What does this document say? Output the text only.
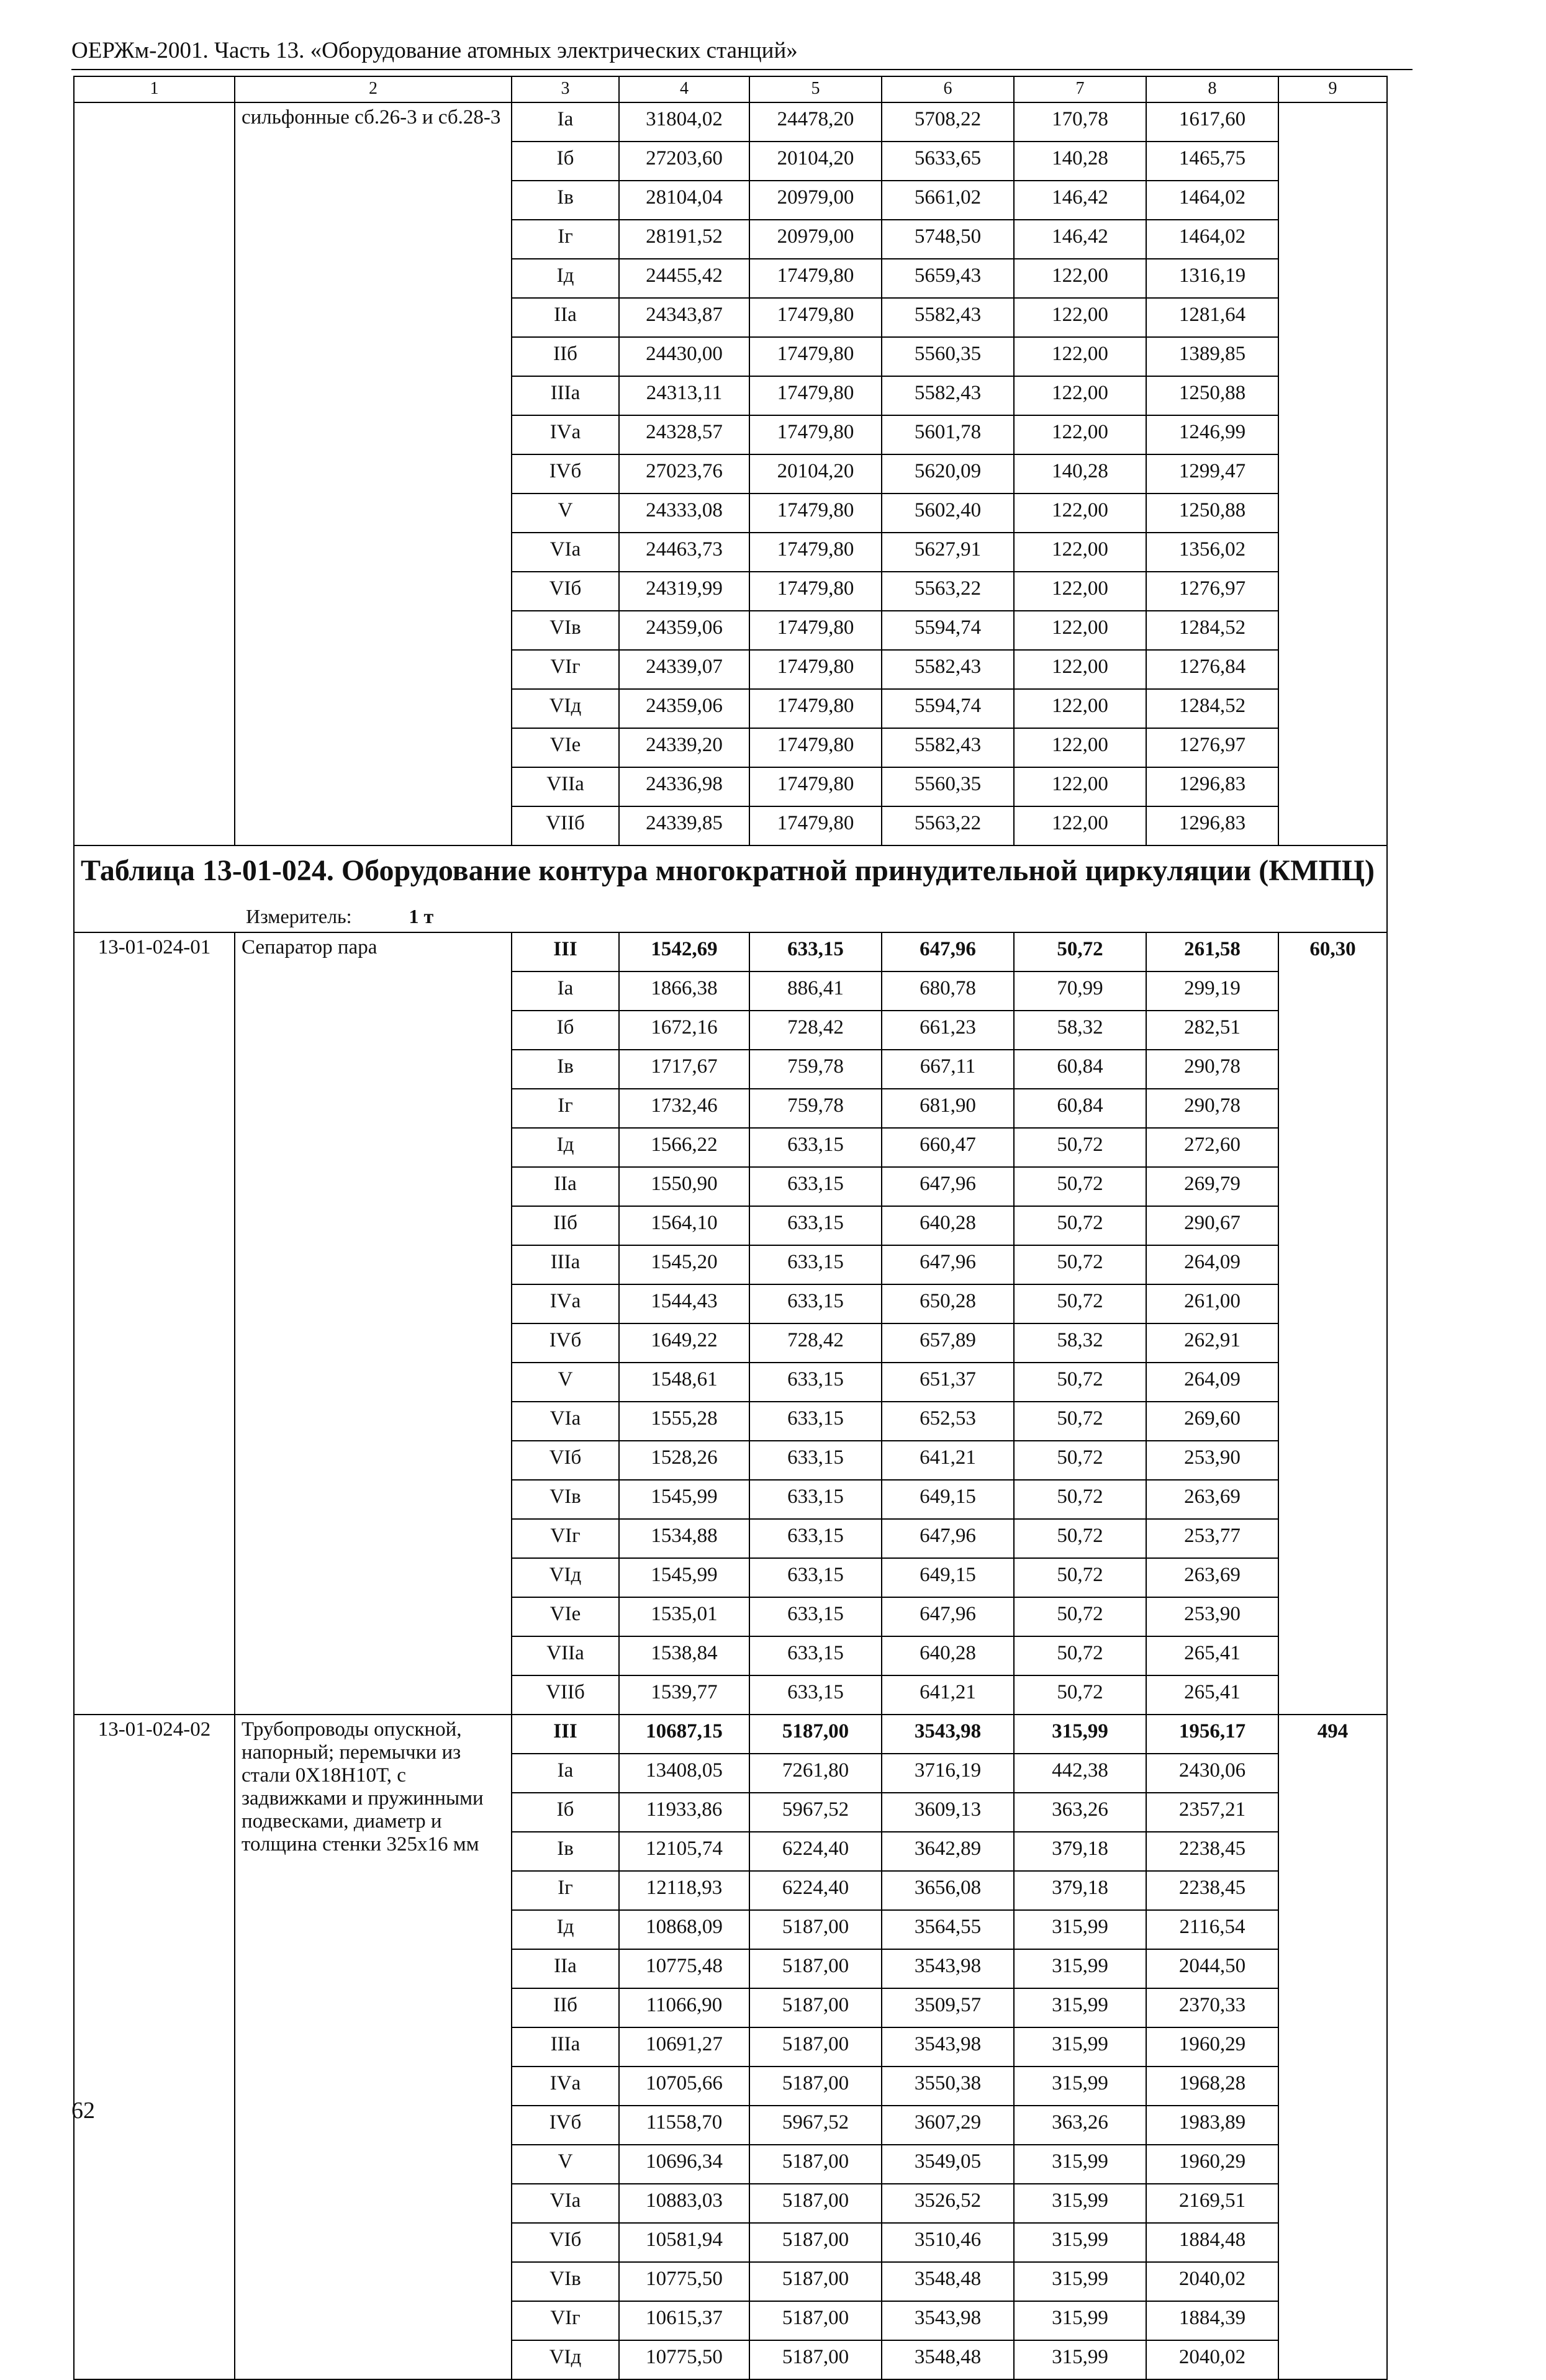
ОЕРЖм-2001. Часть 13. «Оборудование атомных электрических станций»
1	2	3	4	5	6	7	8	9
	сильфонные сб.26-3 и сб.28-3	Iа	31804,02	24478,20	5708,22	170,78	1617,60	
		Iб	27203,60	20104,20	5633,65	140,28	1465,75	
		Iв	28104,04	20979,00	5661,02	146,42	1464,02	
		Iг	28191,52	20979,00	5748,50	146,42	1464,02	
		Iд	24455,42	17479,80	5659,43	122,00	1316,19	
		IIа	24343,87	17479,80	5582,43	122,00	1281,64	
		IIб	24430,00	17479,80	5560,35	122,00	1389,85	
		IIIа	24313,11	17479,80	5582,43	122,00	1250,88	
		IVа	24328,57	17479,80	5601,78	122,00	1246,99	
		IVб	27023,76	20104,20	5620,09	140,28	1299,47	
		V	24333,08	17479,80	5602,40	122,00	1250,88	
		VIа	24463,73	17479,80	5627,91	122,00	1356,02	
		VIб	24319,99	17479,80	5563,22	122,00	1276,97	
		VIв	24359,06	17479,80	5594,74	122,00	1284,52	
		VIг	24339,07	17479,80	5582,43	122,00	1276,84	
		VIд	24359,06	17479,80	5594,74	122,00	1284,52	
		VIе	24339,20	17479,80	5582,43	122,00	1276,97	
		VIIа	24336,98	17479,80	5560,35	122,00	1296,83	
		VIIб	24339,85	17479,80	5563,22	122,00	1296,83	

Таблица 13-01-024. Оборудование контура многократной принудительной циркуляции (КМПЦ)
Измеритель: 1 т								

13-01-024-01	Сепаратор пара	III	1542,69	633,15	647,96	50,72	261,58	60,30
		Iа	1866,38	886,41	680,78	70,99	299,19	
		Iб	1672,16	728,42	661,23	58,32	282,51	
		Iв	1717,67	759,78	667,11	60,84	290,78	
		Iг	1732,46	759,78	681,90	60,84	290,78	
		Iд	1566,22	633,15	660,47	50,72	272,60	
		IIа	1550,90	633,15	647,96	50,72	269,79	
		IIб	1564,10	633,15	640,28	50,72	290,67	
		IIIа	1545,20	633,15	647,96	50,72	264,09	
		IVа	1544,43	633,15	650,28	50,72	261,00	
		IVб	1649,22	728,42	657,89	58,32	262,91	
		V	1548,61	633,15	651,37	50,72	264,09	
		VIа	1555,28	633,15	652,53	50,72	269,60	
		VIб	1528,26	633,15	641,21	50,72	253,90	
		VIв	1545,99	633,15	649,15	50,72	263,69	
		VIг	1534,88	633,15	647,96	50,72	253,77	
		VIд	1545,99	633,15	649,15	50,72	263,69	
		VIе	1535,01	633,15	647,96	50,72	253,90	
		VIIа	1538,84	633,15	640,28	50,72	265,41	
		VIIб	1539,77	633,15	641,21	50,72	265,41	
13-01-024-02	Трубопроводы опускной, напорный; перемычки из стали 0Х18Н10Т, с задвижками и пружинными подвесками, диаметр и толщина стенки 325х16 мм	III	10687,15	5187,00	3543,98	315,99	1956,17	494
		Iа	13408,05	7261,80	3716,19	442,38	2430,06	
		Iб	11933,86	5967,52	3609,13	363,26	2357,21	
		Iв	12105,74	6224,40	3642,89	379,18	2238,45	
		Iг	12118,93	6224,40	3656,08	379,18	2238,45	
		Iд	10868,09	5187,00	3564,55	315,99	2116,54	
		IIа	10775,48	5187,00	3543,98	315,99	2044,50	
		IIб	11066,90	5187,00	3509,57	315,99	2370,33	
		IIIа	10691,27	5187,00	3543,98	315,99	1960,29	
		IVа	10705,66	5187,00	3550,38	315,99	1968,28	
		IVб	11558,70	5967,52	3607,29	363,26	1983,89	
		V	10696,34	5187,00	3549,05	315,99	1960,29	
		VIа	10883,03	5187,00	3526,52	315,99	2169,51	
		VIб	10581,94	5187,00	3510,46	315,99	1884,48	
		VIв	10775,50	5187,00	3548,48	315,99	2040,02	
		VIг	10615,37	5187,00	3543,98	315,99	1884,39	
		VIд	10775,50	5187,00	3548,48	315,99	2040,02	
62
